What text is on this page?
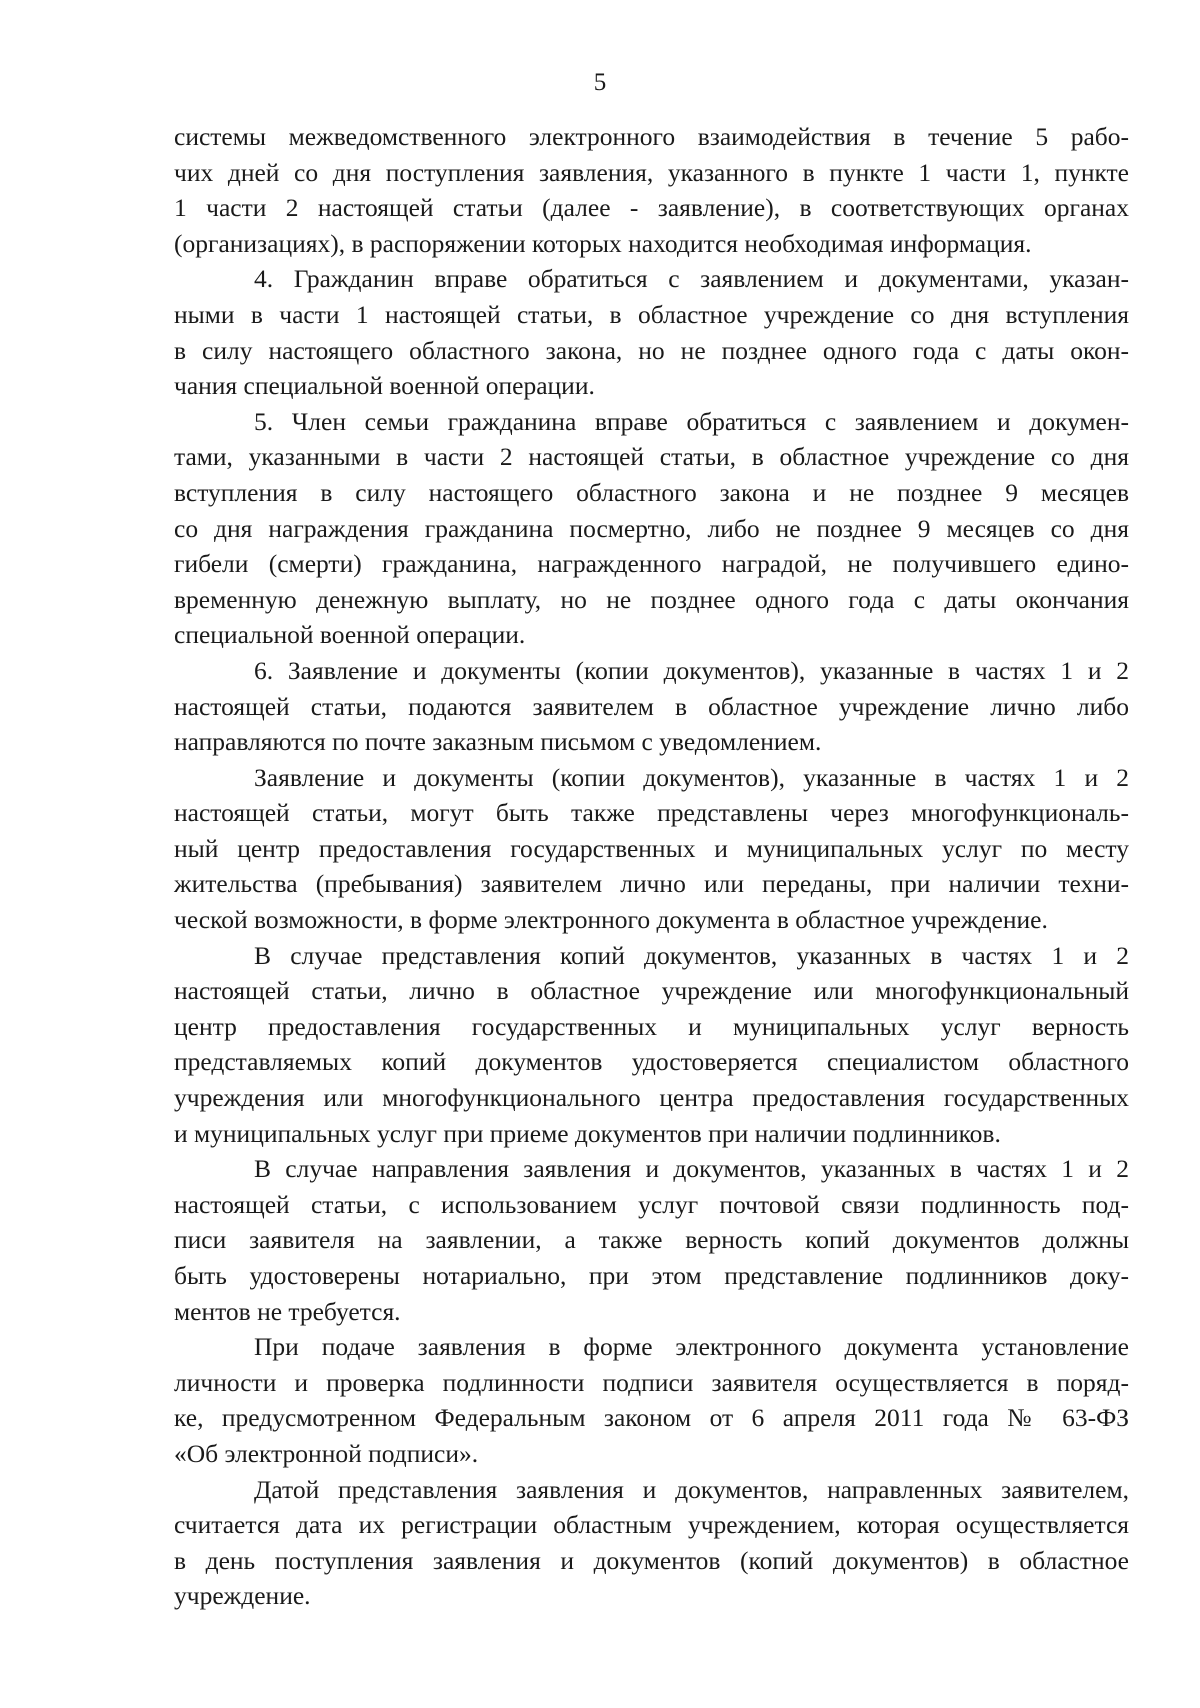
5
системы межведомственного электронного взаимодействия в течение 5 рабо-
чих дней со дня поступления заявления, указанного в пункте 1 части 1, пункте
1 части 2 настоящей статьи (далее - заявление), в соответствующих органах
(организациях), в распоряжении которых находится необходимая информация.
4. Гражданин вправе обратиться с заявлением и документами, указан-
ными в части 1 настоящей статьи, в областное учреждение со дня вступления
в силу настоящего областного закона, но не позднее одного года с даты окон-
чания специальной военной операции.
5. Член семьи гражданина вправе обратиться с заявлением и докумен-
тами, указанными в части 2 настоящей статьи, в областное учреждение со дня
вступления в силу настоящего областного закона и не позднее 9 месяцев
со дня награждения гражданина посмертно, либо не позднее 9 месяцев со дня
гибели (смерти) гражданина, награжденного наградой, не получившего едино-
временную денежную выплату, но не позднее одного года с даты окончания
специальной военной операции.
6. Заявление и документы (копии документов), указанные в частях 1 и 2
настоящей статьи, подаются заявителем в областное учреждение лично либо
направляются по почте заказным письмом с уведомлением.
Заявление и документы (копии документов), указанные в частях 1 и 2
настоящей статьи, могут быть также представлены через многофункциональ-
ный центр предоставления государственных и муниципальных услуг по месту
жительства (пребывания) заявителем лично или переданы, при наличии техни-
ческой возможности, в форме электронного документа в областное учреждение.
В случае представления копий документов, указанных в частях 1 и 2
настоящей статьи, лично в областное учреждение или многофункциональный
центр предоставления государственных и муниципальных услуг верность
представляемых копий документов удостоверяется специалистом областного
учреждения или многофункционального центра предоставления государственных
и муниципальных услуг при приеме документов при наличии подлинников.
В случае направления заявления и документов, указанных в частях 1 и 2
настоящей статьи, с использованием услуг почтовой связи подлинность под-
писи заявителя на заявлении, а также верность копий документов должны
быть удостоверены нотариально, при этом представление подлинников доку-
ментов не требуется.
При подаче заявления в форме электронного документа установление
личности и проверка подлинности подписи заявителя осуществляется в поряд-
ке, предусмотренном Федеральным законом от 6 апреля 2011 года № 63-ФЗ
«Об электронной подписи».
Датой представления заявления и документов, направленных заявителем,
считается дата их регистрации областным учреждением, которая осуществляется
в день поступления заявления и документов (копий документов) в областное
учреждение.
